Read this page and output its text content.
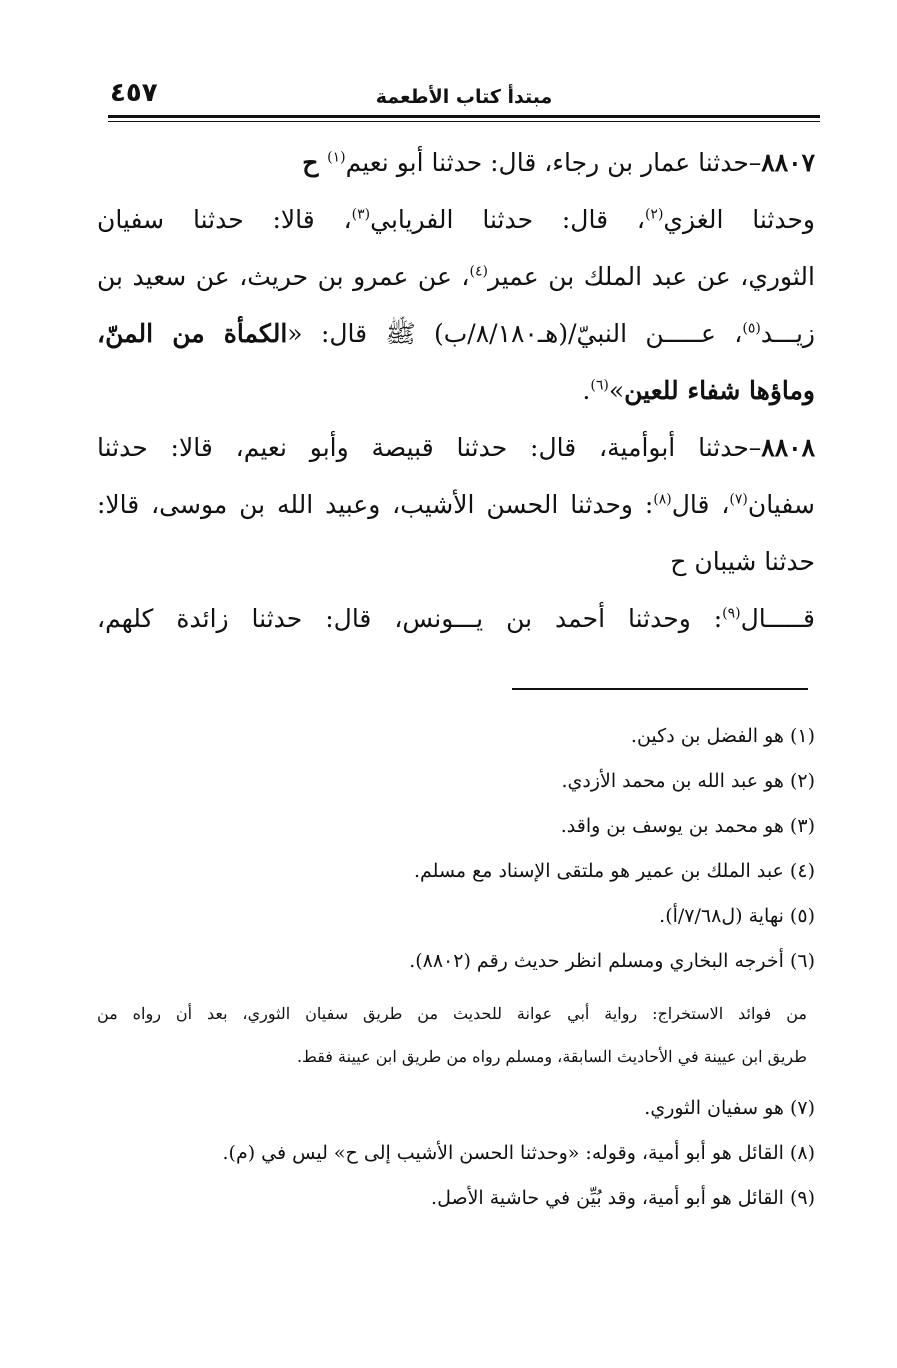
مبتدأ كتاب الأطعمة
٤٥٧
٨٨٠٧–حدثنا عمار بن رجاء، قال: حدثنا أبو نعيم$^{(١)}$ ح
وحدثنا الغزي$^{(٢)}$، قال: حدثنا الفريابي$^{(٣)}$، قالا: حدثنا سفيان
الثوري، عن عبد الملك بن عمير$^{(٤)}$، عن عمرو بن حريث، عن سعيد بن
زيـــد$^{(٥)}$، عـــــن النبيّ/(هـ٨/١٨٠/ب) ﷺ قال: «الكمأة من المنّ،
وماؤها شفاء للعين»$^{(٦)}$.
٨٨٠٨–حدثنا أبوأمية، قال: حدثنا قبيصة وأبو نعيم، قالا: حدثنا
سفيان$^{(٧)}$، قال$^{(٨)}$: وحدثنا الحسن الأشيب، وعبيد الله بن موسى، قالا:
حدثنا شيبان ح
قـــــال$^{(٩)}$: وحدثنا أحمد بن يـــونس، قال: حدثنا زائدة كلهم،
(١) هو الفضل بن دكين.
(٢) هو عبد الله بن محمد الأزدي.
(٣) هو محمد بن يوسف بن واقد.
(٤) عبد الملك بن عمير هو ملتقى الإسناد مع مسلم.
(٥) نهاية (ل٧/٦٨/أ).
(٦) أخرجه البخاري ومسلم انظر حديث رقم (٨٨٠٢).
من فوائد الاستخراج: رواية أبي عوانة للحديث من طريق سفيان الثوري، بعد أن رواه من
طريق ابن عيينة في الأحاديث السابقة، ومسلم رواه من طريق ابن عيينة فقط.
(٧) هو سفيان الثوري.
(٨) القائل هو أبو أمية، وقوله: «وحدثنا الحسن الأشيب إلى ح» ليس في (م).
(٩) القائل هو أبو أمية، وقد بُيِّن في حاشية الأصل.
